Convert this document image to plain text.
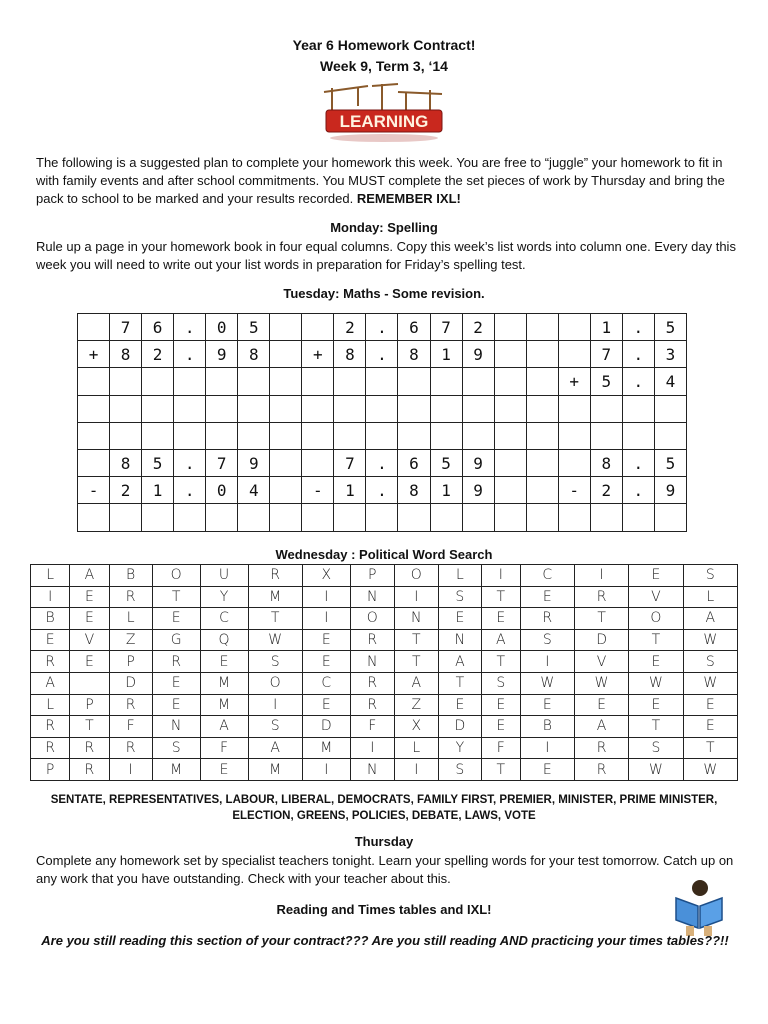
Year 6 Homework Contract!
Week 9, Term 3, ‘14
LEARNING
The following is a suggested plan to complete your homework this week. You are free to “juggle” your homework to fit in with family events and after school commitments. You MUST complete the set pieces of work by Thursday and bring the pack to school to be marked and your results recorded. REMEMBER IXL!
Monday: Spelling
Rule up a page in your homework book in four equal columns. Copy this week’s list words into column one. Every day this week you will need to write out your list words in preparation for Friday’s spelling test.
Tuesday: Maths - Some revision.
	7	6	.	0	5			2	.	6	7	2				1	.	5
+	8	2	.	9	8		+	8	.	8	1	9				7	.	3
															+	5	.	4

	8	5	.	7	9			7	.	6	5	9				8	.	5
-	2	1	.	0	4		-	1	.	8	1	9			-	2	.	9

Wednesday : Political Word Search
L	A	B	O	U	R	X	P	O	L	I	C	I	E	S
I	E	R	T	Y	M	I	N	I	S	T	E	R	V	L
B	E	L	E	C	T	I	O	N	E	E	R	T	O	A
E	V	Z	G	Q	W	E	R	T	N	A	S	D	T	W
R	E	P	R	E	S	E	N	T	A	T	I	V	E	S
A		D	E	M	O	C	R	A	T	S	W	W	W	W
L	P	R	E	M	I	E	R	Z	E	E	E	E	E	E
R	T	F	N	A	S	D	F	X	D	E	B	A	T	E
R	R	R	S	F	A	M	I	L	Y	F	I	R	S	T
P	R	I	M	E	M	I	N	I	S	T	E	R	W	W
SENTATE, REPRESENTATIVES, LABOUR, LIBERAL, DEMOCRATS, FAMILY FIRST, PREMIER, MINISTER, PRIME MINISTER, ELECTION, GREENS, POLICIES, DEBATE, LAWS, VOTE
Thursday
Complete any homework set by specialist teachers tonight. Learn your spelling words for your test tomorrow. Catch up on any work that you have outstanding. Check with your teacher about this.
Reading and Times tables and IXL!
Are you still reading this section of your contract??? Are you still reading AND practicing your times tables??!!
